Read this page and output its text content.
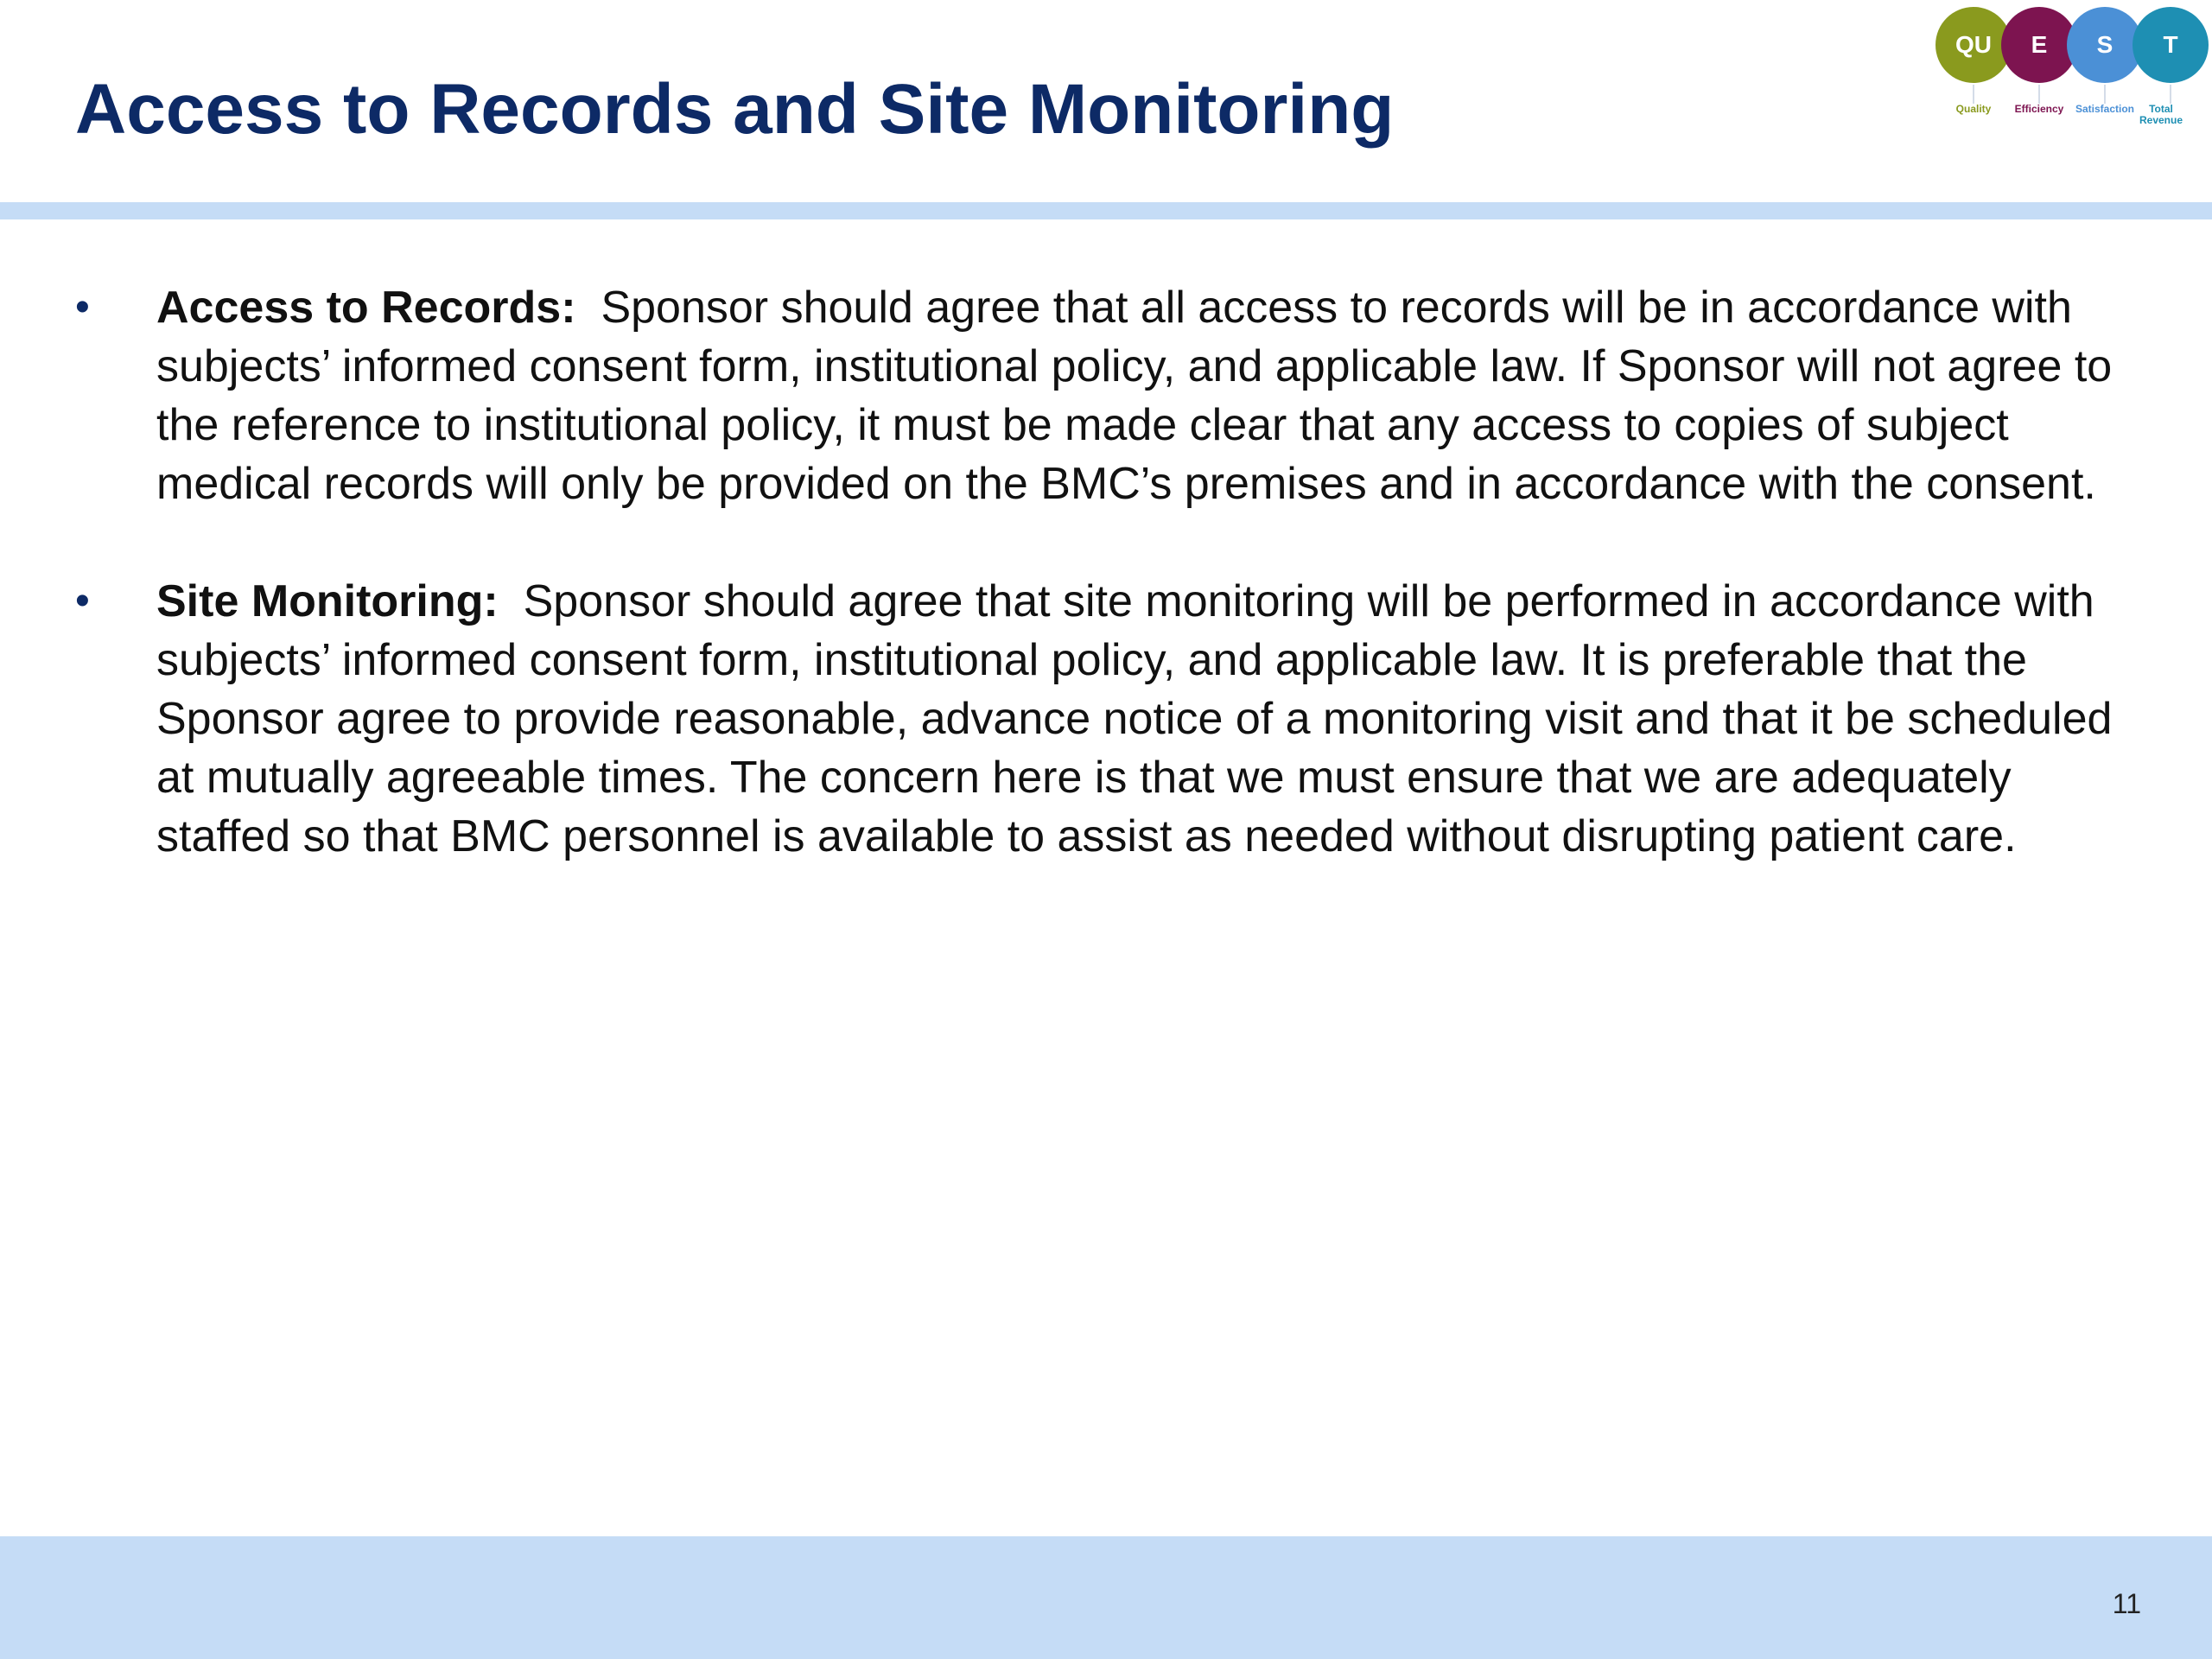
Access to Records and Site Monitoring
QU E S T
Quality	Efficiency	Satisfaction	Total Revenue
• Access to Records: Sponsor should agree that all access to records will be in accordance with subjects’ informed consent form, institutional policy, and applicable law. If Sponsor will not agree to the reference to institutional policy, it must be made clear that any access to copies of subject medical records will only be provided on the BMC’s premises and in accordance with the consent.

• Site Monitoring: Sponsor should agree that site monitoring will be performed in accordance with subjects’ informed consent form, institutional policy, and applicable law. It is preferable that the Sponsor agree to provide reasonable, advance notice of a monitoring visit and that it be scheduled at mutually agreeable times. The concern here is that we must ensure that we are adequately staffed so that BMC personnel is available to assist as needed without disrupting patient care.

11
